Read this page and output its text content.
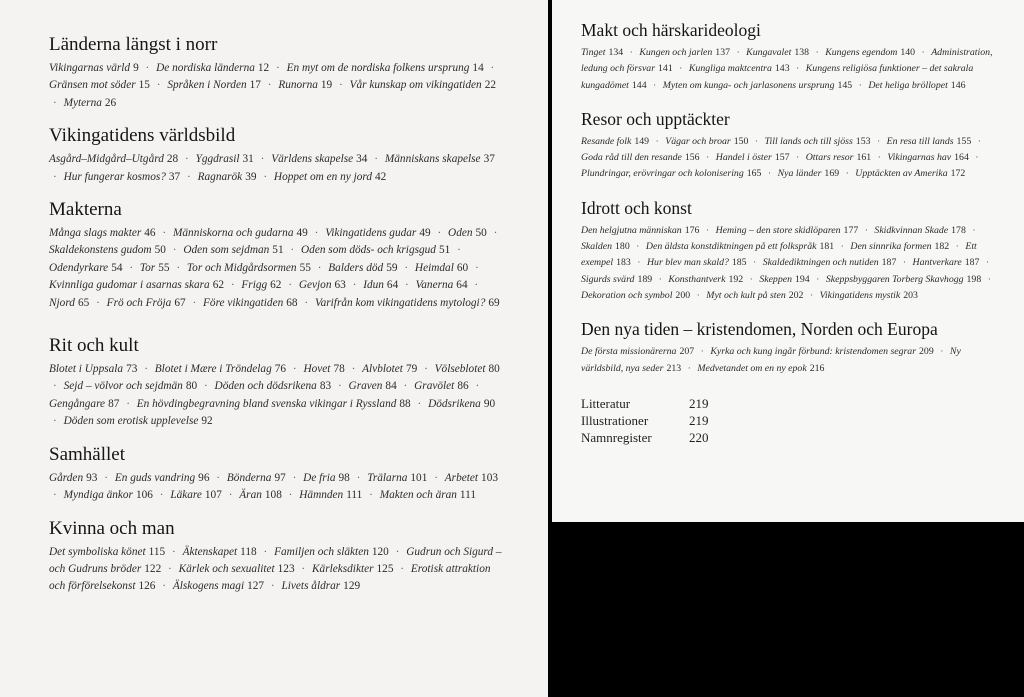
Länderna längst i norr
Vikingarnas värld 9 · De nordiska länderna 12 · En myt om de nordiska folkens ursprung 14 · Gränsen mot söder 15 · Språken i Norden 17 · Runorna 19 · Vår kunskap om vikingatiden 22 · Myterna 26
Vikingatidens världsbild
Asgård–Midgård–Utgård 28 · Yggdrasil 31 · Världens skapelse 34 · Människans skapelse 37 · Hur fungerar kosmos? 37 · Ragnarök 39 · Hoppet om en ny jord 42
Makterna
Många slags makter 46 · Människorna och gudarna 49 · Vikingatidens gudar 49 · Oden 50 · Skaldekonstens gudom 50 · Oden som sejdman 51 · Oden som döds- och krigsgud 51 · Odendyrkare 54 · Tor 55 · Tor och Midgårdsormen 55 · Balders död 59 · Heimdal 60 · Kvinnliga gudomar i asarnas skara 62 · Frigg 62 · Gevjon 63 · Idun 64 · Vanerna 64 · Njord 65 · Frö och Fröja 67 · Före vikingatiden 68 · Varifrån kom vikingatidens mytologi? 69
Rit och kult
Blotet i Uppsala 73 · Blotet i Mære i Tröndelag 76 · Hovet 78 · Alvblotet 79 · Völseblotet 80 · Sejd – völvor och sejdmän 80 · Döden och dödsrikena 83 · Graven 84 · Gravölet 86 · Gengångare 87 · En hövdingbegravning bland svenska vikingar i Ryssland 88 · Dödsrikena 90 · Döden som erotisk upplevelse 92
Samhället
Gården 93 · En guds vandring 96 · Bönderna 97 · De fria 98 · Trälarna 101 · Arbetet 103 · Myndiga änkor 106 · Läkare 107 · Äran 108 · Hämnden 111 · Makten och äran 111
Kvinna och man
Det symboliska könet 115 · Äktenskapet 118 · Familjen och släkten 120 · Gudrun och Sigurd – och Gudruns bröder 122 · Kärlek och sexualitet 123 · Kärleksdikter 125 · Erotisk attraktion och förförelsekonst 126 · Älskogens magi 127 · Livets åldrar 129
Makt och härskarideologi
Tinget 134 · Kungen och jarlen 137 · Kungavalet 138 · Kungens egendom 140 · Administration, ledung och försvar 141 · Kungliga maktcentra 143 · Kungens religiösa funktioner – det sakrala kungadömet 144 · Myten om kunga- och jarlasonens ursprung 145 · Det heliga bröllopet 146
Resor och upptäckter
Resande folk 149 · Vägar och broar 150 · Till lands och till sjöss 153 · En resa till lands 155 · Goda råd till den resande 156 · Handel i öster 157 · Ottars resor 161 · Vikingarnas hav 164 · Plundringar, erövringar och kolonisering 165 · Nya länder 169 · Upptäckten av Amerika 172
Idrott och konst
Den helgjutna människan 176 · Heming – den store skidlöparen 177 · Skidkvinnan Skade 178 · Skalden 180 · Den äldsta konstdiktningen på ett folkspråk 181 · Den sinnrika formen 182 · Ett exempel 183 · Hur blev man skald? 185 · Skaldediktningen och nutiden 187 · Hantverkare 187 · Sigurds svärd 189 · Konsthantverk 192 · Skeppen 194 · Skeppsbyggaren Torberg Skavhogg 198 · Dekoration och symbol 200 · Myt och kult på sten 202 · Vikingatidens mystik 203
Den nya tiden – kristendomen, Norden och Europa
De första missionärerna 207 · Kyrka och kung ingår förbund: kristendomen segrar 209 · Ny världsbild, nya seder 213 · Medvetandet om en ny epok 216
Litteratur	219
Illustrationer	219
Namnregister	220
